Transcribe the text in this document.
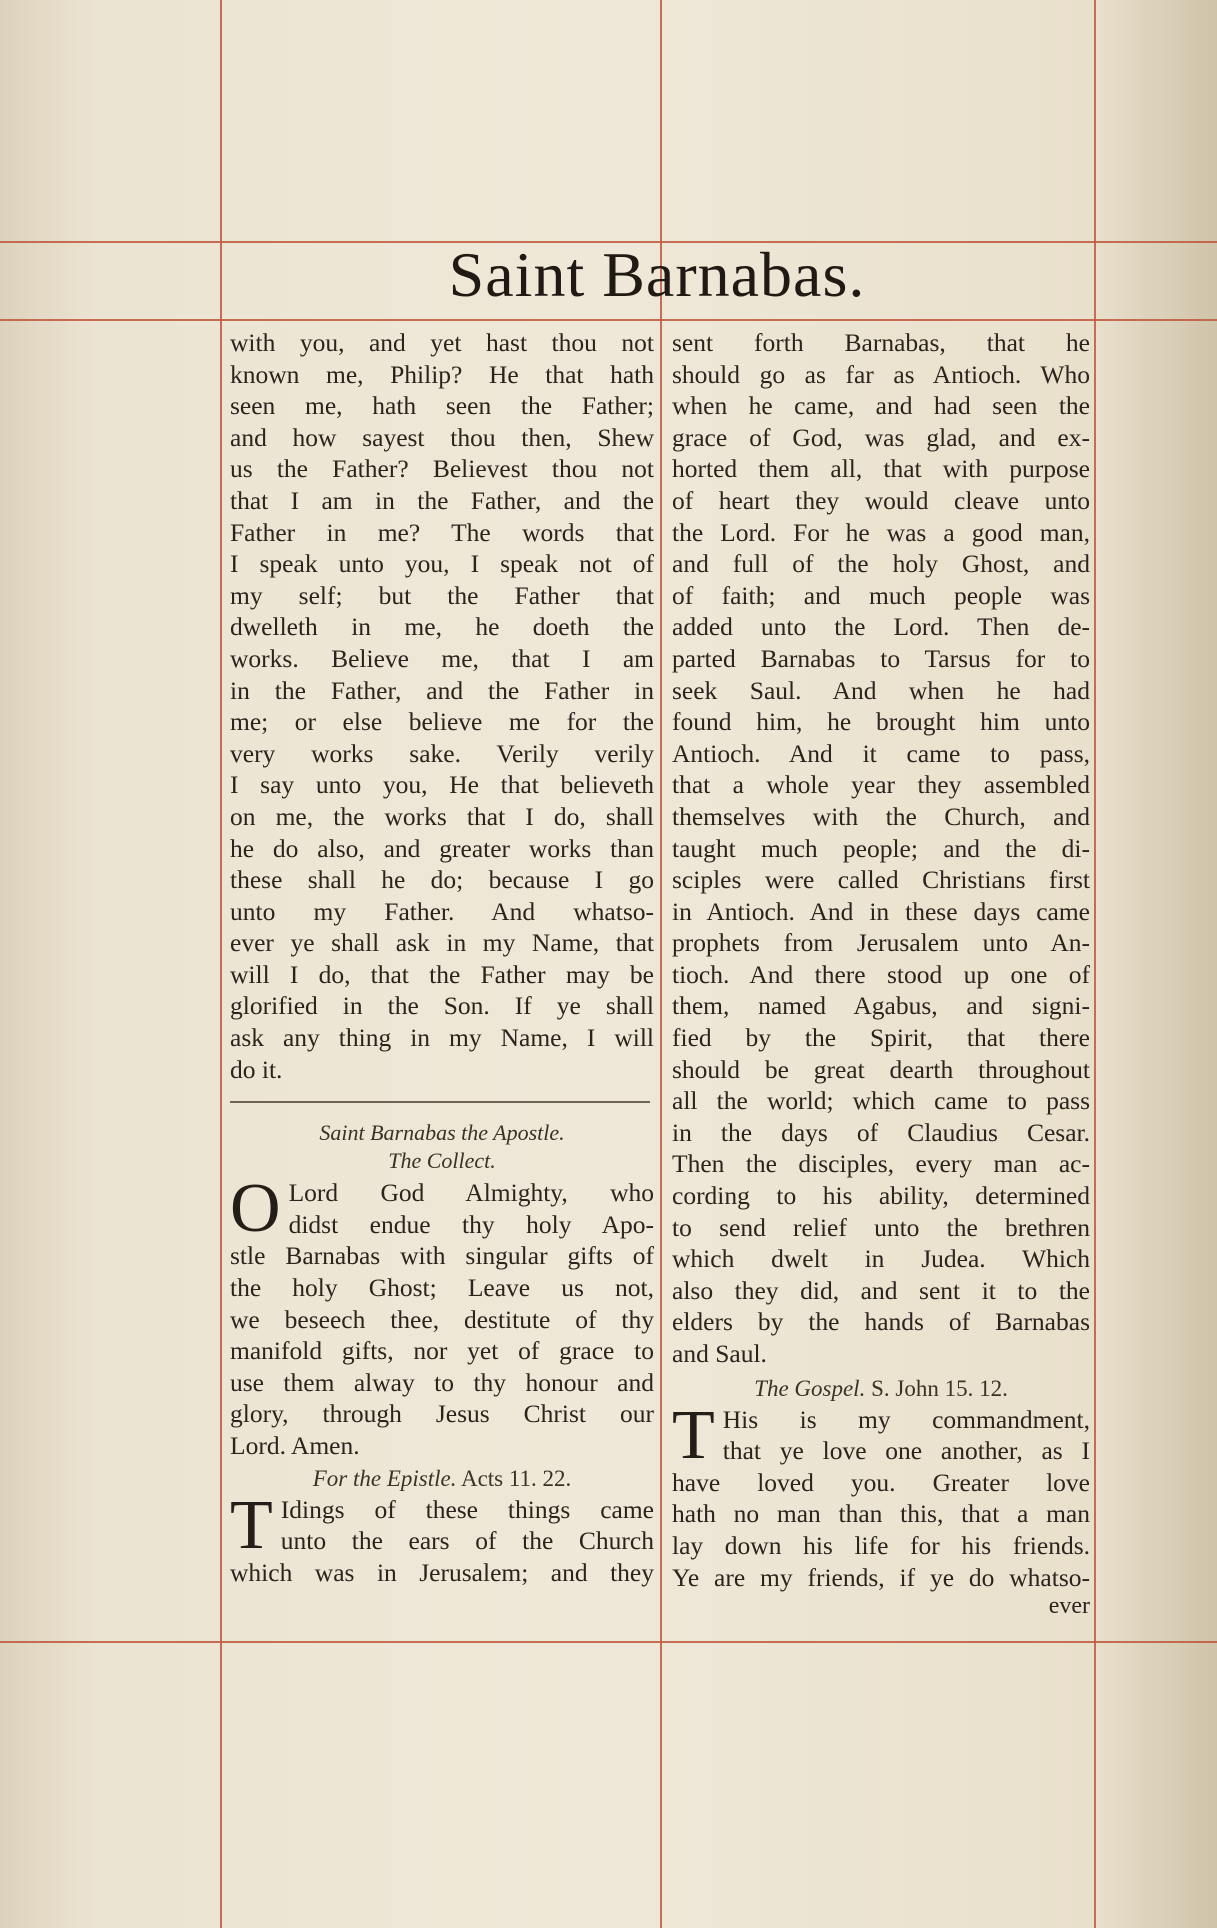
Saint Barnabas.
with you, and yet hast thou not
known me, Philip? He that hath
seen me, hath seen the Father;
and how sayest thou then, Shew
us the Father? Believest thou not
that I am in the Father, and the
Father in me? The words that
I speak unto you, I speak not of
my self; but the Father that
dwelleth in me, he doeth the
works. Believe me, that I am
in the Father, and the Father in
me; or else believe me for the
very works sake. Verily verily
I say unto you, He that believeth
on me, the works that I do, shall
he do also, and greater works than
these shall he do; because I go
unto my Father. And whatso-
ever ye shall ask in my Name, that
will I do, that the Father may be
glorified in the Son. If ye shall
ask any thing in my Name, I will
do it.
Saint Barnabas the Apostle.
The Collect.
O Lord God Almighty, who
didst endue thy holy Apo-
stle Barnabas with singular gifts of
the holy Ghost; Leave us not,
we beseech thee, destitute of thy
manifold gifts, nor yet of grace to
use them alway to thy honour and
glory, through Jesus Christ our
Lord. Amen.
For the Epistle. Acts 11. 22.
T Idings of these things came
unto the ears of the Church
which was in Jerusalem; and they
sent forth Barnabas, that he
should go as far as Antioch. Who
when he came, and had seen the
grace of God, was glad, and ex-
horted them all, that with purpose
of heart they would cleave unto
the Lord. For he was a good man,
and full of the holy Ghost, and
of faith; and much people was
added unto the Lord. Then de-
parted Barnabas to Tarsus for to
seek Saul. And when he had
found him, he brought him unto
Antioch. And it came to pass,
that a whole year they assembled
themselves with the Church, and
taught much people; and the di-
sciples were called Christians first
in Antioch. And in these days came
prophets from Jerusalem unto An-
tioch. And there stood up one of
them, named Agabus, and signi-
fied by the Spirit, that there
should be great dearth throughout
all the world; which came to pass
in the days of Claudius Cesar.
Then the disciples, every man ac-
cording to his ability, determined
to send relief unto the brethren
which dwelt in Judea. Which
also they did, and sent it to the
elders by the hands of Barnabas
and Saul.
The Gospel. S. John 15. 12.
T His is my commandment,
that ye love one another, as I
have loved you. Greater love
hath no man than this, that a man
lay down his life for his friends.
Ye are my friends, if ye do whatso-
ever
